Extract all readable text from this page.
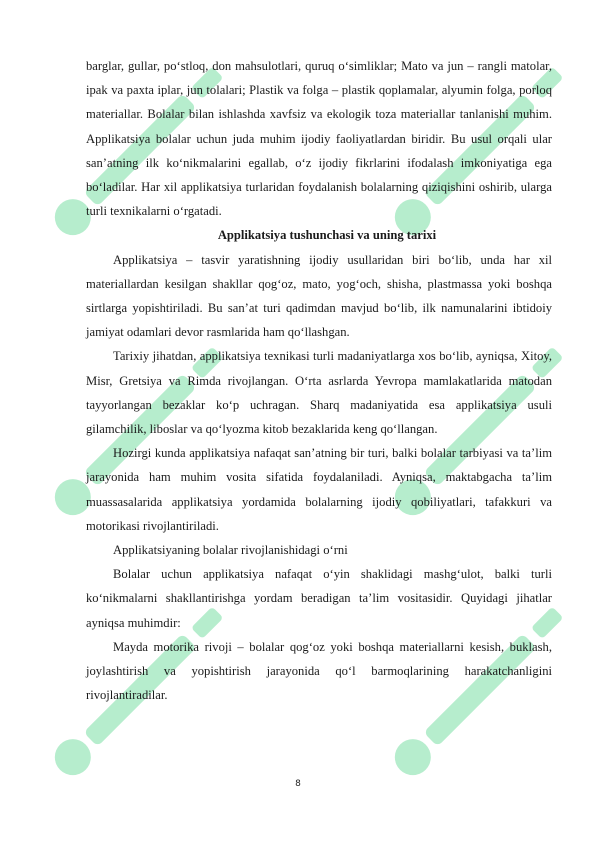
barglar, gullar, po‘stloq, don mahsulotlari, quruq o‘simliklar; Mato va jun – rangli matolar, ipak va paxta iplar, jun tolalari; Plastik va folga – plastik qoplamalar, alyumin folga, porloq materiallar. Bolalar bilan ishlashda xavfsiz va ekologik toza materiallar tanlanishi muhim. Applikatsiya bolalar uchun juda muhim ijodiy faoliyatlardan biridir. Bu usul orqali ular san’atning ilk ko‘nikmalarini egallab, o‘z ijodiy fikrlarini ifodalash imkoniyatiga ega bo‘ladilar. Har xil applikatsiya turlaridan foydalanish bolalarning qiziqishini oshirib, ularga turli texnikalarni o‘rgatadi.

Applikatsiya tushunchasi va uning tarixi

Applikatsiya – tasvir yaratishning ijodiy usullaridan biri bo‘lib, unda har xil materiallardan kesilgan shakllar qog‘oz, mato, yog‘och, shisha, plastmassa yoki boshqa sirtlarga yopishtiriladi. Bu san’at turi qadimdan mavjud bo‘lib, ilk namunalarini ibtidoiy jamiyat odamlari devor rasmlarida ham qo‘llashgan.

Tarixiy jihatdan, applikatsiya texnikasi turli madaniyatlarga xos bo‘lib, ayniqsa, Xitoy, Misr, Gretsiya va Rimda rivojlangan. O‘rta asrlarda Yevropa mamlakatlarida matodan tayyorlangan bezaklar ko‘p uchragan. Sharq madaniyatida esa applikatsiya usuli gilamchilik, liboslar va qo‘lyozma kitob bezaklarida keng qo‘llangan.

Hozirgi kunda applikatsiya nafaqat san’atning bir turi, balki bolalar tarbiyasi va ta’lim jarayonida ham muhim vosita sifatida foydalaniladi. Ayniqsa, maktabgacha ta’lim muassasalarida applikatsiya yordamida bolalarning ijodiy qobiliyatlari, tafakkuri va motorikasi rivojlantiriladi.

Applikatsiyaning bolalar rivojlanishidagi o‘rni

Bolalar uchun applikatsiya nafaqat o‘yin shaklidagi mashg‘ulot, balki turli ko‘nikmalarni shakllantirishga yordam beradigan ta’lim vositasidir. Quyidagi jihatlar ayniqsa muhimdir:

Mayda motorika rivoji – bolalar qog‘oz yoki boshqa materiallarni kesish, buklash, joylashtirish va yopishtirish jarayonida qo‘l barmoqlarining harakatchanligini rivojlantiradilar.

8
